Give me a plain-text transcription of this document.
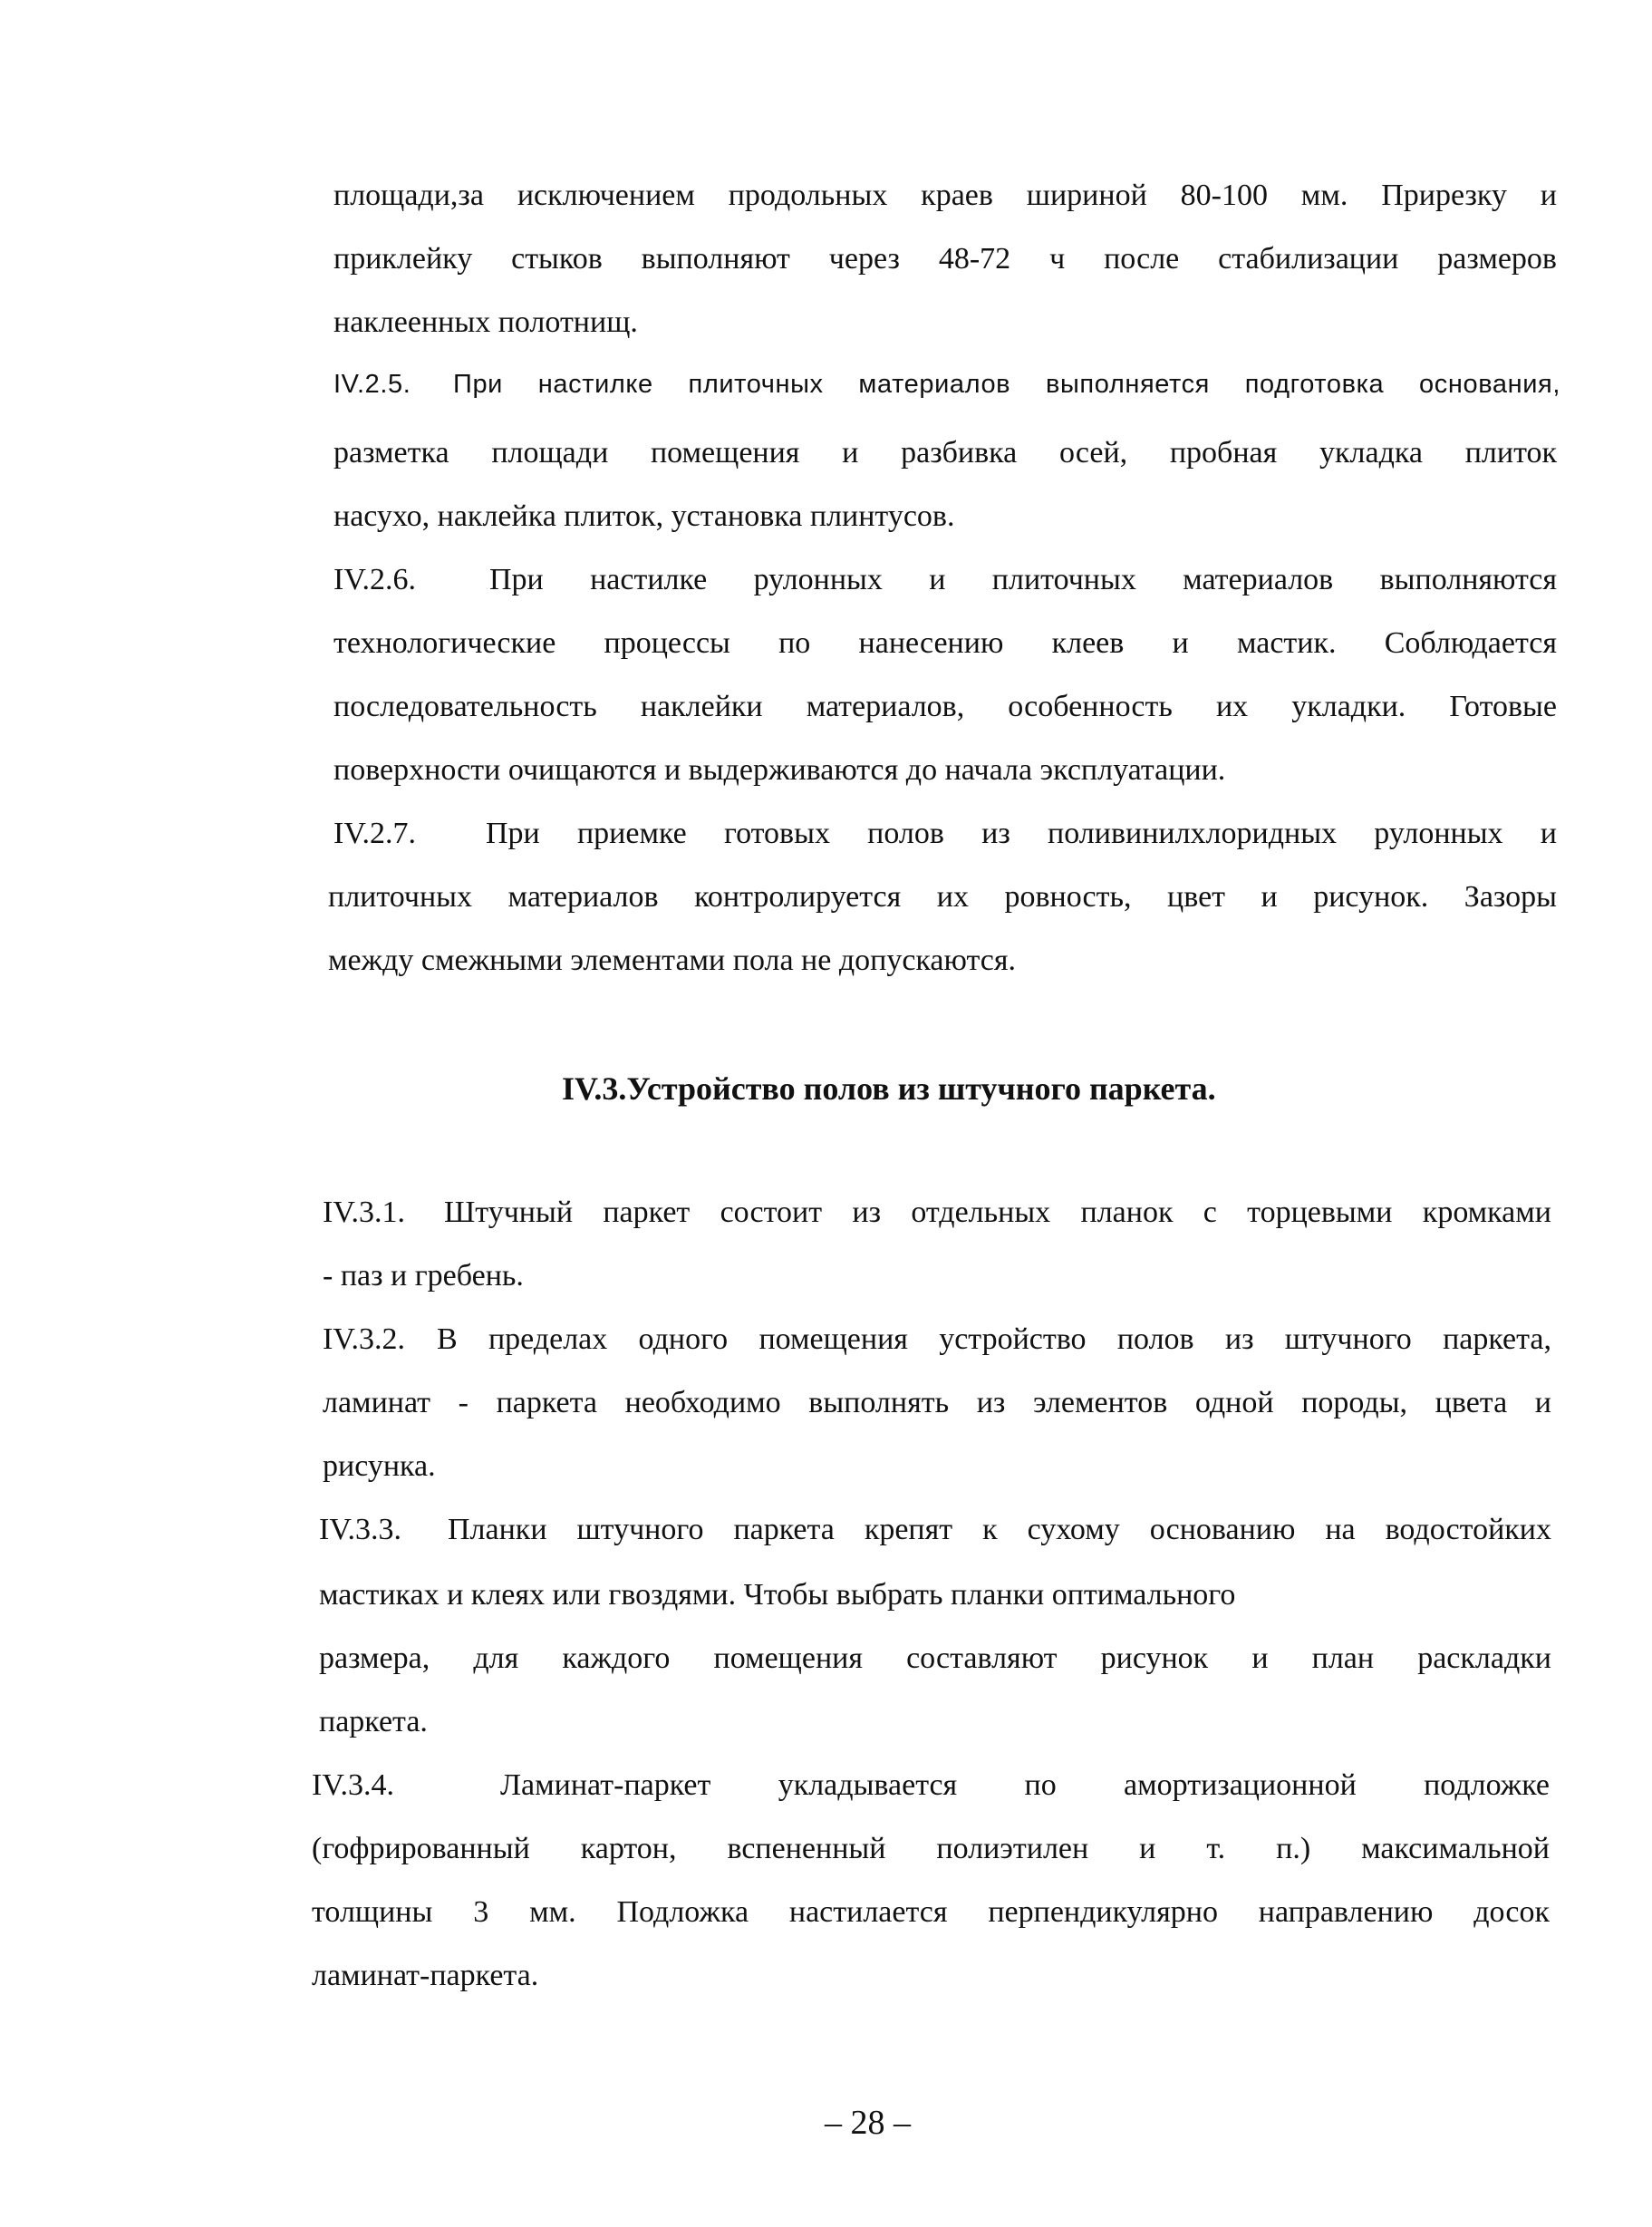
площади,за исключением продольных краев шириной 80-100 мм. Прирезку и
приклейку стыков выполняют через 48-72 ч после стабилизации размеров
наклеенных полотнищ.
IV.2.5. При настилке плиточных материалов выполняется подготовка основания,
разметка площади помещения и разбивка осей, пробная укладка плиток
насухо, наклейка плиток, установка плинтусов.
IV.2.6. При настилке рулонных и плиточных материалов выполняются
технологические процессы по нанесению клеев и мастик. Соблюдается
последовательность наклейки материалов, особенность их укладки. Готовые
поверхности очищаются и выдерживаются до начала эксплуатации.
IV.2.7. При приемке готовых полов из поливинилхлоридных рулонных и
плиточных материалов контролируется их ровность, цвет и рисунок. Зазоры
между смежными элементами пола не допускаются.
IV.3.Устройство полов из штучного паркета.
IV.3.1. Штучный паркет состоит из отдельных планок с торцевыми кромками
- паз и гребень.
IV.3.2. В пределах одного помещения устройство полов из штучного паркета,
ламинат - паркета необходимо выполнять из элементов одной породы, цвета и
рисунка.
IV.3.3. Планки штучного паркета крепят к сухому основанию на водостойких
мастиках и клеях или гвоздями. Чтобы выбрать планки оптимального
размера, для каждого помещения составляют рисунок и план раскладки
паркета.
IV.3.4.	Ламинат-паркет укладывается по амортизационной подложке
(гофрированный картон, вспененный полиэтилен и т. п.) максимальной
толщины 3 мм. Подложка настилается перпендикулярно направлению досок
ламинат-паркета.
– 28 –
